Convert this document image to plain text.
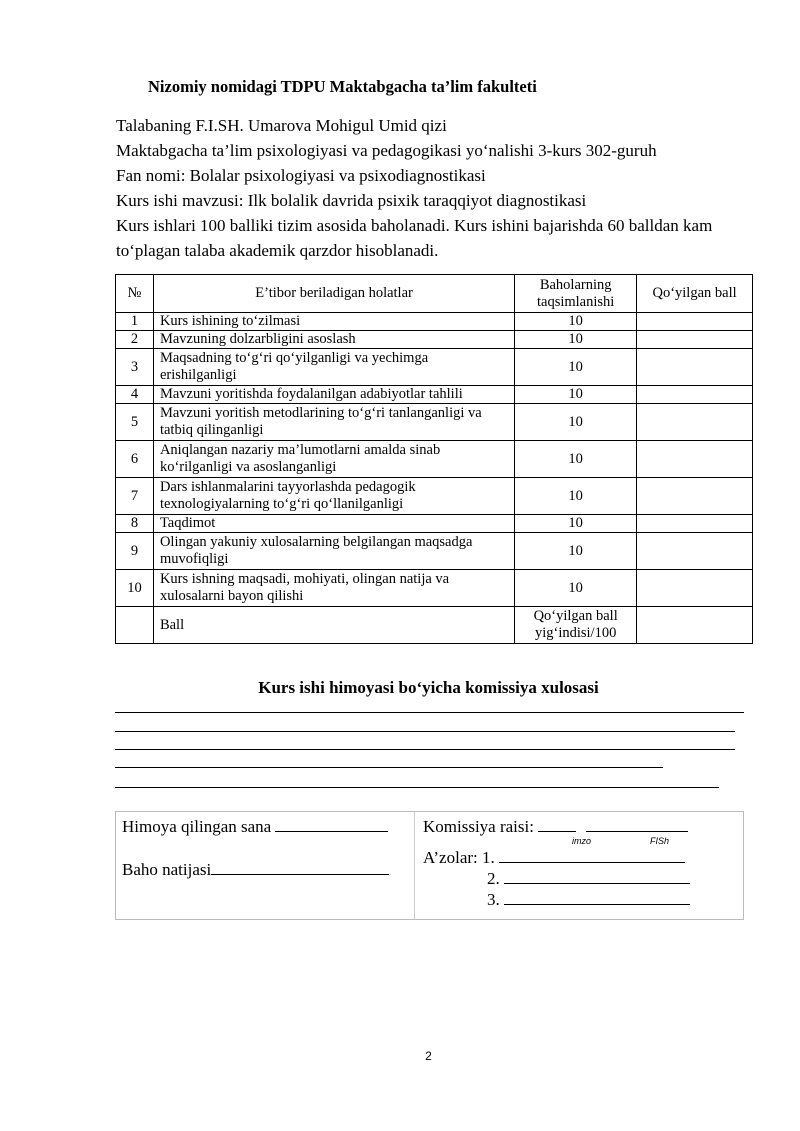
Nizomiy nomidagi TDPU Maktabgacha ta’lim fakulteti
Talabaning F.I.SH. Umarova Mohigul Umid qizi
Maktabgacha ta’lim psixologiyasi va pedagogikasi yo‘nalishi 3-kurs 302-guruh
Fan nomi: Bolalar psixologiyasi va psixodiagnostikasi
Kurs ishi mavzusi: Ilk bolalik davrida psixik taraqqiyot diagnostikasi
Kurs ishlari 100 balliki tizim asosida baholanadi. Kurs ishini bajarishda 60 balldan kam to‘plagan talaba akademik qarzdor hisoblanadi.
№	E’tibor beriladigan holatlar	Baholarning taqsimlanishi	Qo‘yilgan ball
1	Kurs ishining to‘zilmasi	10	
2	Mavzuning dolzarbligini asoslash	10	
3	Maqsadning to‘g‘ri qo‘yilganligi va yechimga erishilganligi	10	
4	Mavzuni yoritishda foydalanilgan adabiyotlar tahlili	10	
5	Mavzuni yoritish metodlarining to‘g‘ri tanlanganligi va tatbiq qilinganligi	10	
6	Aniqlangan nazariy ma’lumotlarni amalda sinab ko‘rilganligi va asoslanganligi	10	
7	Dars ishlanmalarini tayyorlashda pedagogik texnologiyalarning to‘g‘ri qo‘llanilganligi	10	
8	Taqdimot	10	
9	Olingan yakuniy xulosalarning belgilangan maqsadga muvofiqligi	10	
10	Kurs ishning maqsadi, mohiyati, olingan natija va xulosalarni bayon qilishi	10	
	Ball	Qo‘yilgan ball yig‘indisi/100	
Kurs ishi himoyasi bo‘yicha komissiya xulosasi
Himoya qilingan sana
Baho natijasi
Komissiya raisi:
imzo	FISh
A’zolar: 1.
2.
3.
2
